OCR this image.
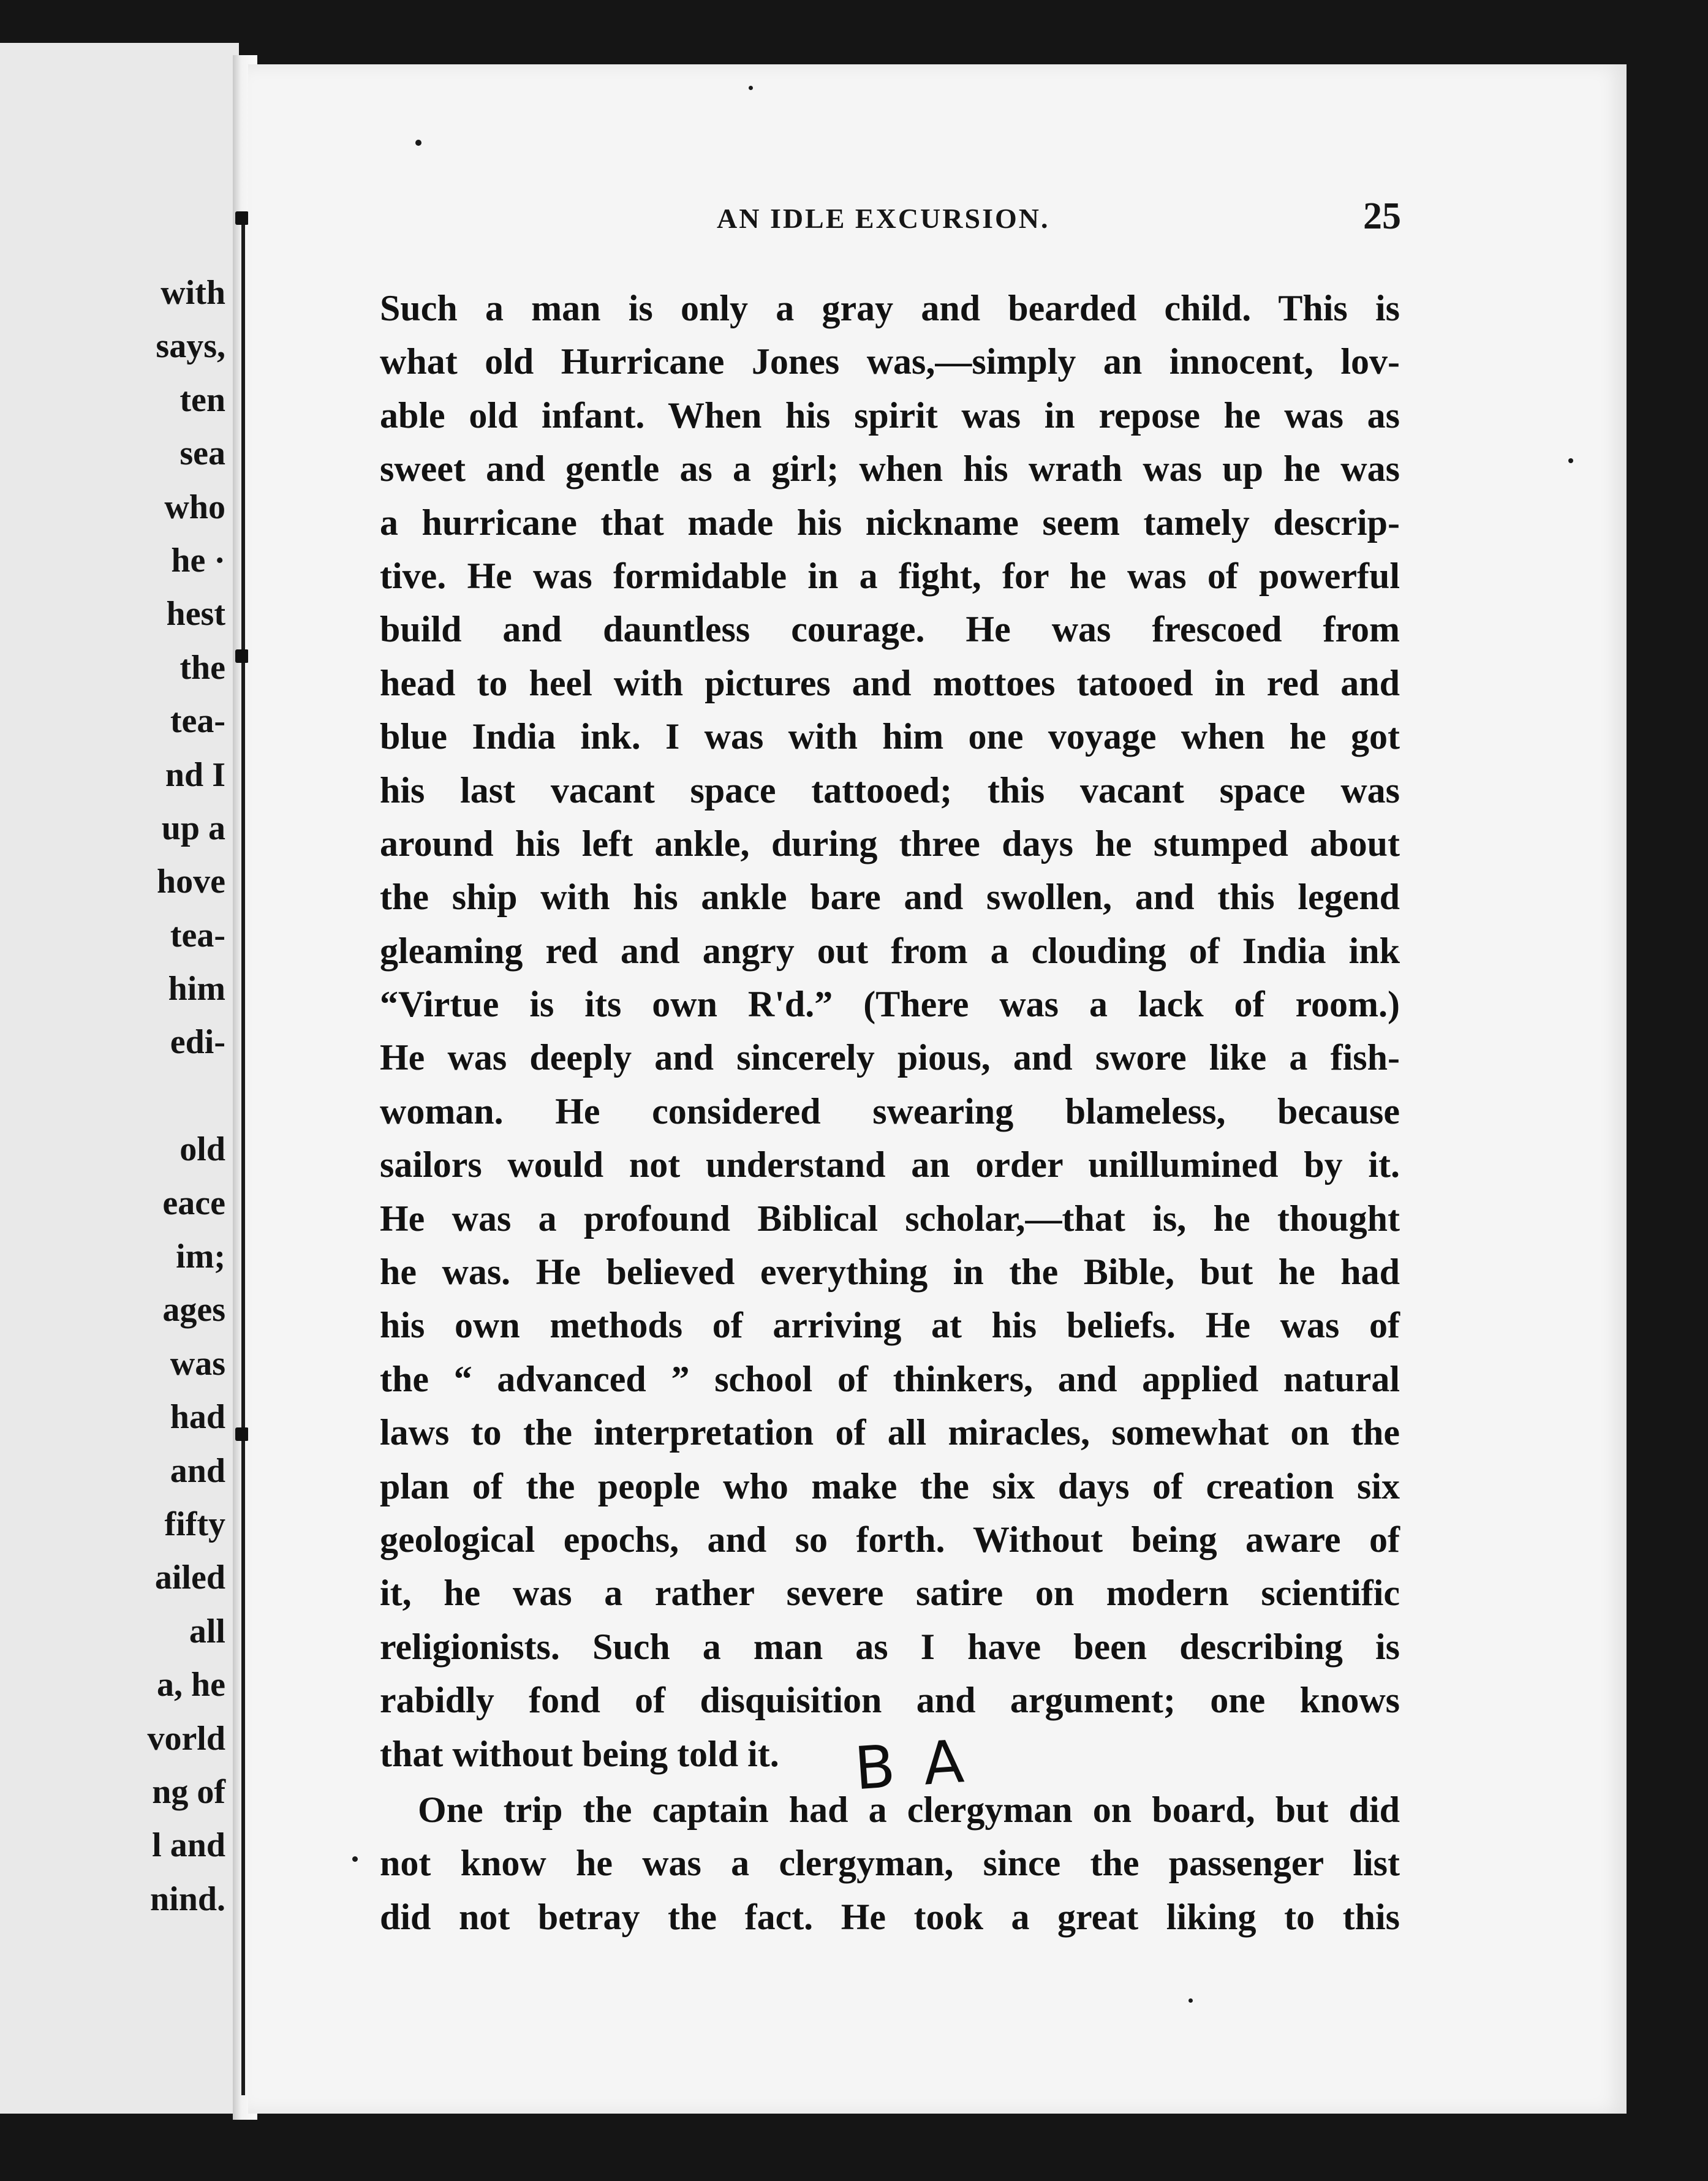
with
says,
ten
sea
who
he ·
hest
the
tea-
nd I
up a
hove
tea-
him
edi-
old
eace
im;
ages
was
had
and
fifty
ailed
all
a, he
vorld
ng of
l and
nind.
AN IDLE EXCURSION.	25
Such a man is only a gray and bearded child. This is
what old Hurricane Jones was,—simply an innocent, lov-
able old infant. When his spirit was in repose he was as
sweet and gentle as a girl; when his wrath was up he was
a hurricane that made his nickname seem tamely descrip-
tive. He was formidable in a fight, for he was of powerful
build and dauntless courage. He was frescoed from
head to heel with pictures and mottoes tatooed in red and
blue India ink. I was with him one voyage when he got
his last vacant space tattooed; this vacant space was
around his left ankle, during three days he stumped about
the ship with his ankle bare and swollen, and this legend
gleaming red and angry out from a clouding of India ink
“Virtue is its own R'd.” (There was a lack of room.)
He was deeply and sincerely pious, and swore like a fish-
woman. He considered swearing blameless, because
sailors would not understand an order unillumined by it.
He was a profound Biblical scholar,—that is, he thought
he was. He believed everything in the Bible, but he had
his own methods of arriving at his beliefs. He was of
the “ advanced ” school of thinkers, and applied natural
laws to the interpretation of all miracles, somewhat on the
plan of the people who make the six days of creation six
geological epochs, and so forth. Without being aware of
it, he was a rather severe satire on modern scientific
religionists. Such a man as I have been describing is
rabidly fond of disquisition and argument; one knows
that without being told it.
One trip the captain had a clergyman on board, but did
not know he was a clergyman, since the passenger list
did not betray the fact. He took a great liking to this
B A
